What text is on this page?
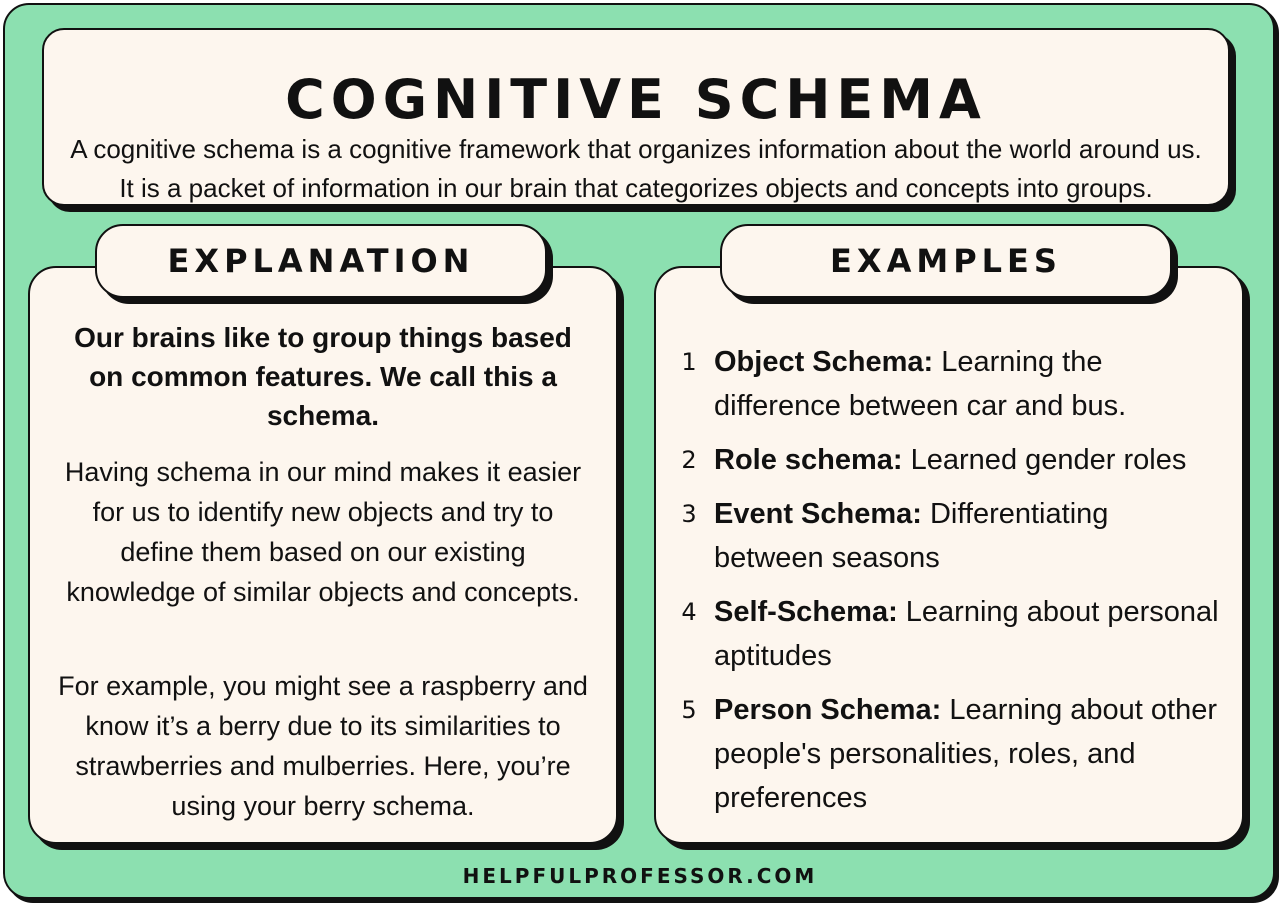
COGNITIVE SCHEMA
A cognitive schema is a cognitive framework that organizes information about the world around us. It is a packet of information in our brain that categorizes objects and concepts into groups.
Our brains like to group things based on common features. We call this a schema.
Having schema in our mind makes it easier for us to identify new objects and try to define them based on our existing knowledge of similar objects and concepts.
For example, you might see a raspberry and know it’s a berry due to its similarities to strawberries and mulberries. Here, you’re using your berry schema.
EXPLANATION
1 Object Schema: Learning the difference between car and bus.
2 Role schema: Learned gender roles
3 Event Schema: Differentiating between seasons
4 Self-Schema: Learning about personal aptitudes
5 Person Schema: Learning about other people's personalities, roles, and preferences
EXAMPLES
HELPFULPROFESSOR.COM
